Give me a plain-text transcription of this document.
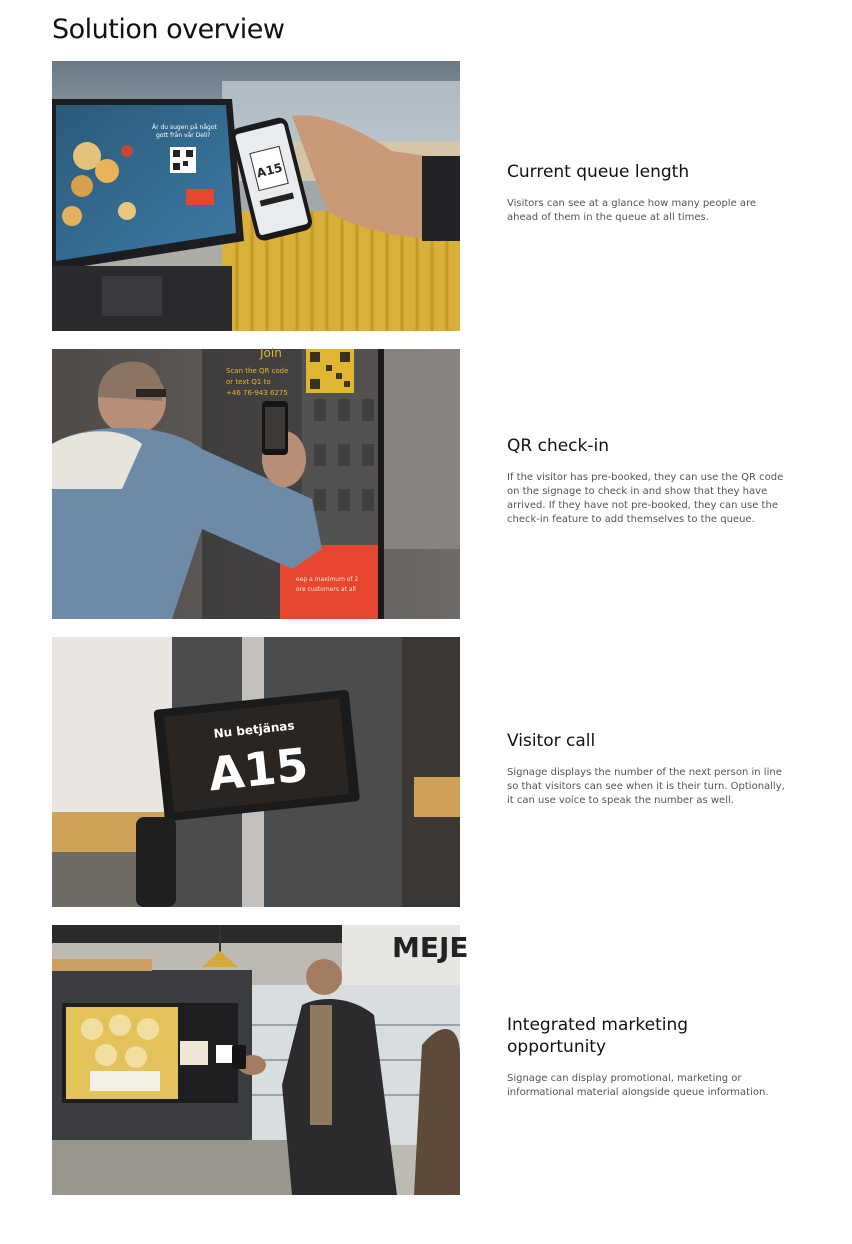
Solution overview
Är du sugen på något
gott från vår Deli?
A15	Current queue length

Visitors can see at a glance how many people are ahead of them in the queue at all times.

Join
Scan the QR code
or text Q1 to
+46 76-943 6275
eep a maximum of 2
ore customers at all
QR check-in

If the visitor has pre-booked, they can use the QR code on the signage to check in and show that they have arrived. If they have not pre-booked, they can use the check-in feature to add themselves to the queue.

Nu betjänas
A15	Visitor call

Signage displays the number of the next person in line so that visitors can see when it is their turn. Optionally, it can use voice to speak the number as well.

MEJE
Integrated marketing opportunity

Signage can display promotional, marketing or informational material alongside queue information.
